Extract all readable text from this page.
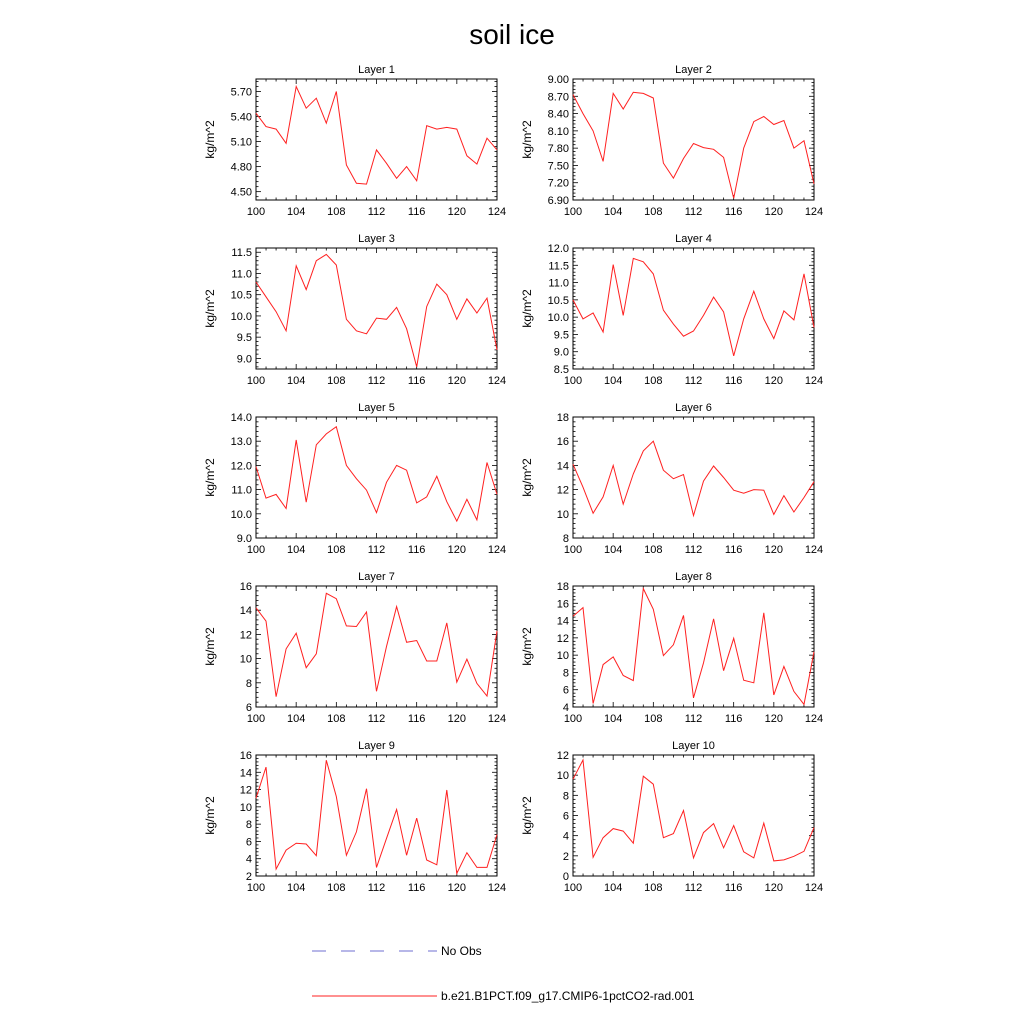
soil ice
Layer 1
100 104 108 112 116 120 124
4.50
4.80
5.10
5.40
5.70
kg/m^2
Layer 2
100 104 108 112 116 120 124
6.90
7.20
7.50
7.80
8.10
8.40
8.70
9.00
kg/m^2
Layer 3
100 104 108 112 116 120 124
9.0
9.5
10.0
10.5
11.0
11.5
kg/m^2
Layer 4
100 104 108 112 116 120 124
8.5
9.0
9.5
10.0
10.5
11.0
11.5
12.0
kg/m^2
Layer 5
100 104 108 112 116 120 124
9.0
10.0
11.0
12.0
13.0
14.0
kg/m^2
Layer 6
100 104 108 112 116 120 124
8
10
12
14
16
18
kg/m^2
Layer 7
100 104 108 112 116 120 124
6
8
10
12
14
16
kg/m^2
Layer 8
100 104 108 112 116 120 124
4
6
8
10
12
14
16
18
kg/m^2
Layer 9
100 104 108 112 116 120 124
2
4
6
8
10
12
14
16
kg/m^2
Layer 10
100 104 108 112 116 120 124
0
2
4
6
8
10
12
kg/m^2
No Obs
b.e21.B1PCT.f09_g17.CMIP6-1pctCO2-rad.001
